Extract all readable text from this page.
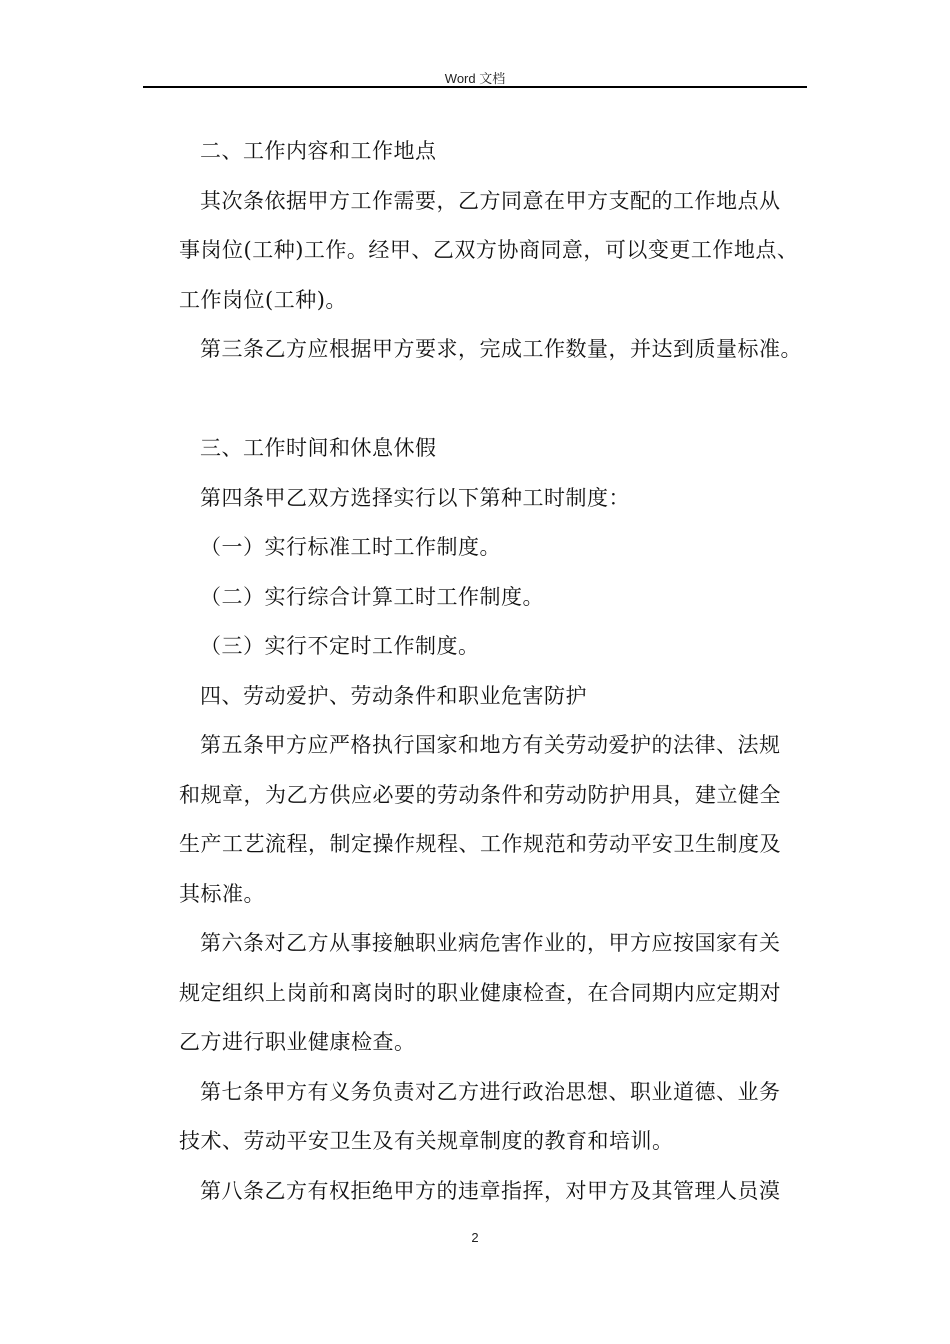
Word 文档
二、工作内容和工作地点
其次条依据甲方工作需要，乙方同意在甲方支配的工作地点从
事岗位(工种)工作。经甲、乙双方协商同意，可以变更工作地点、
工作岗位(工种)。
第三条乙方应根据甲方要求，完成工作数量，并达到质量标准。
三、工作时间和休息休假
第四条甲乙双方选择实行以下第种工时制度：
（一）实行标准工时工作制度。
（二）实行综合计算工时工作制度。
（三）实行不定时工作制度。
四、劳动爱护、劳动条件和职业危害防护
第五条甲方应严格执行国家和地方有关劳动爱护的法律、法规
和规章，为乙方供应必要的劳动条件和劳动防护用具，建立健全
生产工艺流程，制定操作规程、工作规范和劳动平安卫生制度及
其标准。
第六条对乙方从事接触职业病危害作业的，甲方应按国家有关
规定组织上岗前和离岗时的职业健康检查，在合同期内应定期对
乙方进行职业健康检查。
第七条甲方有义务负责对乙方进行政治思想、职业道德、业务
技术、劳动平安卫生及有关规章制度的教育和培训。
第八条乙方有权拒绝甲方的违章指挥，对甲方及其管理人员漠
2
